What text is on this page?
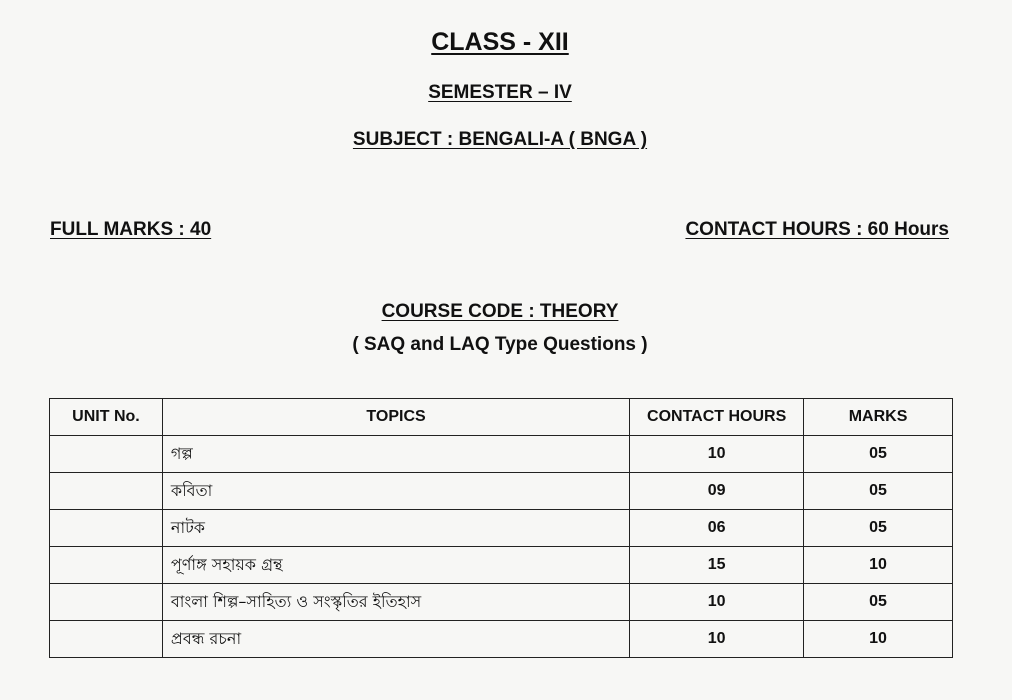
CLASS - XII
SEMESTER – IV
SUBJECT : BENGALI-A ( BNGA )
FULL MARKS : 40	CONTACT HOURS : 60 Hours
COURSE CODE : THEORY
( SAQ and LAQ Type Questions )
UNIT No.	TOPICS	CONTACT HOURS	MARKS
	গল্প	10	05
	কবিতা	09	05
	নাটক	06	05
	পূর্ণাঙ্গ সহায়ক গ্রন্থ	15	10
	বাংলা শিল্প–সাহিত্য ও সংস্কৃতির ইতিহাস	10	05
	প্রবন্ধ রচনা	10	10
